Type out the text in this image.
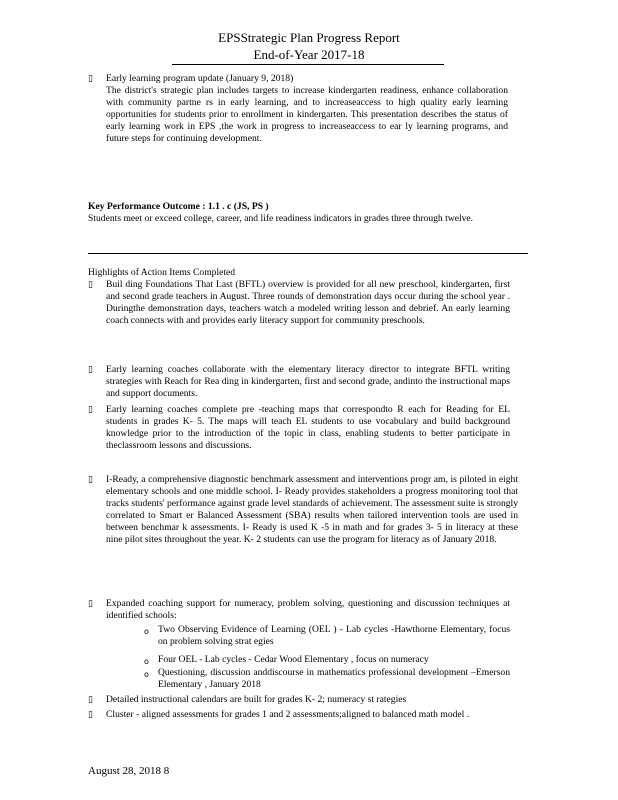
EPSStrategic Plan Progress Report
End-of-Year 2017-18
▯ Early learning program update (January 9, 2018)
The district's strategic plan includes targets to increase kindergarten readiness, enhance collaboration with community partne rs in early learning, and to increaseaccess to high quality early learning opportunities for students prior to enrollment in kindergarten. This presentation describes the status of early learning work in EPS ,the work in progress to increaseaccess to ear ly learning programs, and future steps for continuing development.
Key Performance Outcome : 1.1 . c (JS, PS )
Students meet or exceed college, career, and life readiness indicators in grades three through twelve.
Highlights of Action Items Completed
▯ Buil ding Foundations That Last (BFTL) overview is provided for all new preschool, kindergarten, first and second grade teachers in August. Three rounds of demonstration days occur during the school year . Duringthe demonstration days, teachers watch a modeled writing lesson and debrief. An early learning coach connects with and provides early literacy support for community preschools.
▯ Early learning coaches collaborate with the elementary literacy director to integrate BFTL writing strategies with Reach for Rea ding in kindergarten, first and second grade, andinto the instructional maps and support documents.
▯ Early learning coaches complete pre -teaching maps that correspondto R each for Reading for EL students in grades K- 5. The maps will teach EL students to use vocabulary and build background knowledge prior to the introduction of the topic in class, enabling students to better participate in theclassroom lessons and discussions.
▯ I-Ready, a comprehensive diagnostic benchmark assessment and interventions progr am, is piloted in eight elementary schools and one middle school. I- Ready provides stakeholders a progress monitoring tool that tracks students' performance against grade level standards of achievement. The assessment suite is strongly correlated to Smart er Balanced Assessment (SBA) results when tailored intervention tools are used in between benchmar k assessments. I- Ready is used K -5 in math and for grades 3- 5 in literacy at these nine pilot sites throughout the year. K- 2 students can use the program for literacy as of January 2018.
▯ Expanded coaching support for numeracy, problem solving, questioning and discussion techniques at identified schools:
o Two Observing Evidence of Learning (OEL ) - Lab cycles -Hawthorne Elementary, focus on problem solving strat egies
o Four OEL - Lab cycles - Cedar Wood Elementary , focus on numeracy
o Questioning, discussion anddiscourse in mathematics professional development –Emerson Elementary , January 2018
▯ Detailed instructional calendars are built for grades K- 2; numeracy st rategies
▯ Cluster - aligned assessments for grades 1 and 2 assessments;aligned to balanced math model .
August 28, 2018 8
